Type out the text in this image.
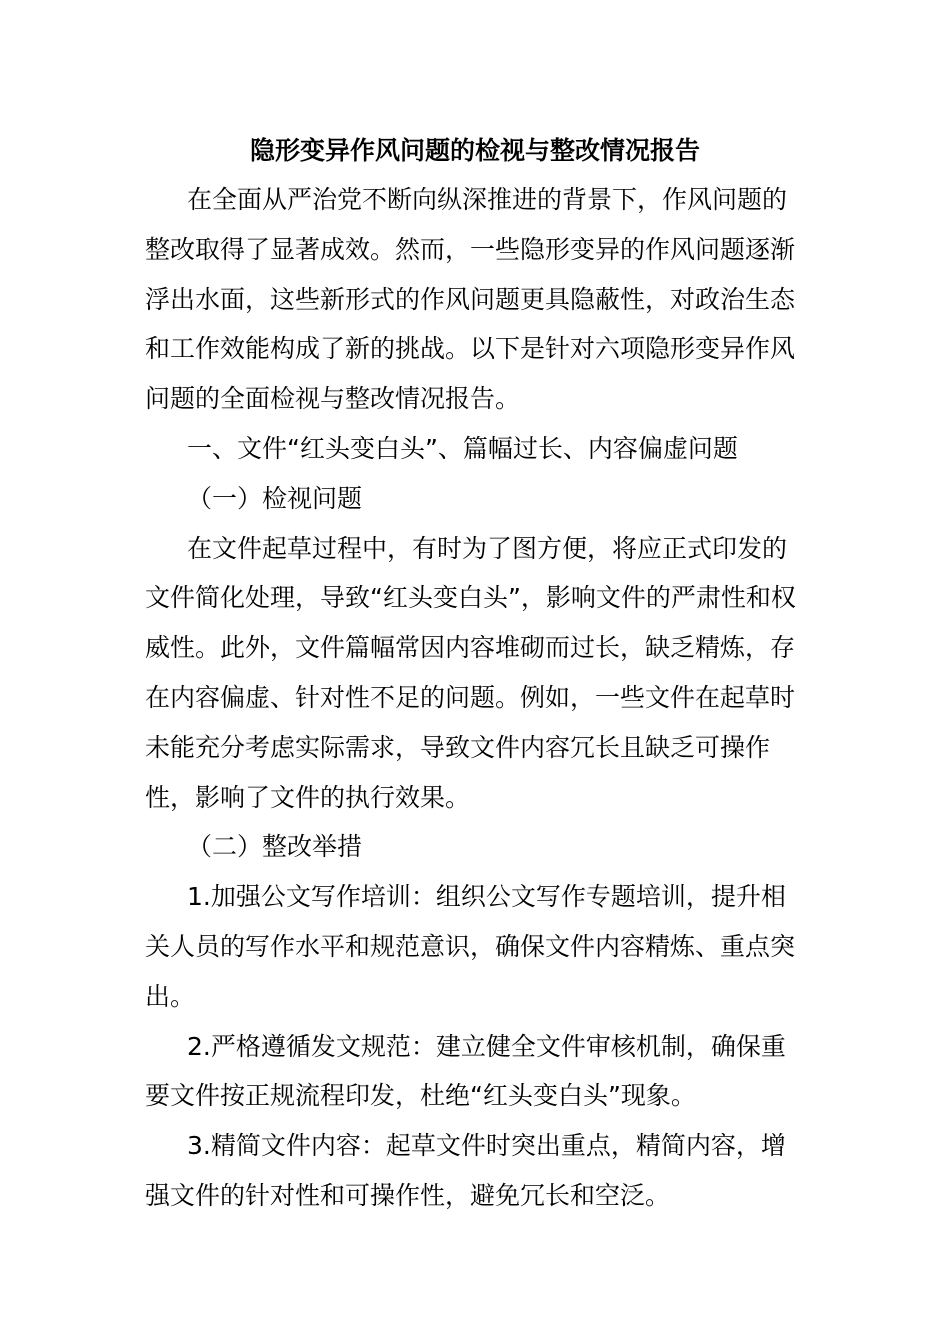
隐形变异作风问题的检视与整改情况报告

在全面从严治党不断向纵深推进的背景下，作风问题的整改取得了显著成效。然而，一些隐形变异的作风问题逐渐浮出水面，这些新形式的作风问题更具隐蔽性，对政治生态和工作效能构成了新的挑战。以下是针对六项隐形变异作风问题的全面检视与整改情况报告。

一、文件“红头变白头”、篇幅过长、内容偏虚问题

（一）检视问题

在文件起草过程中，有时为了图方便，将应正式印发的文件简化处理，导致“红头变白头”，影响文件的严肃性和权威性。此外，文件篇幅常因内容堆砌而过长，缺乏精炼，存在内容偏虚、针对性不足的问题。例如，一些文件在起草时未能充分考虑实际需求，导致文件内容冗长且缺乏可操作性，影响了文件的执行效果。

（二）整改举措

1.加强公文写作培训：组织公文写作专题培训，提升相关人员的写作水平和规范意识，确保文件内容精炼、重点突出。

2.严格遵循发文规范：建立健全文件审核机制，确保重要文件按正规流程印发，杜绝“红头变白头”现象。

3.精简文件内容：起草文件时突出重点，精简内容，增强文件的针对性和可操作性，避免冗长和空泛。
